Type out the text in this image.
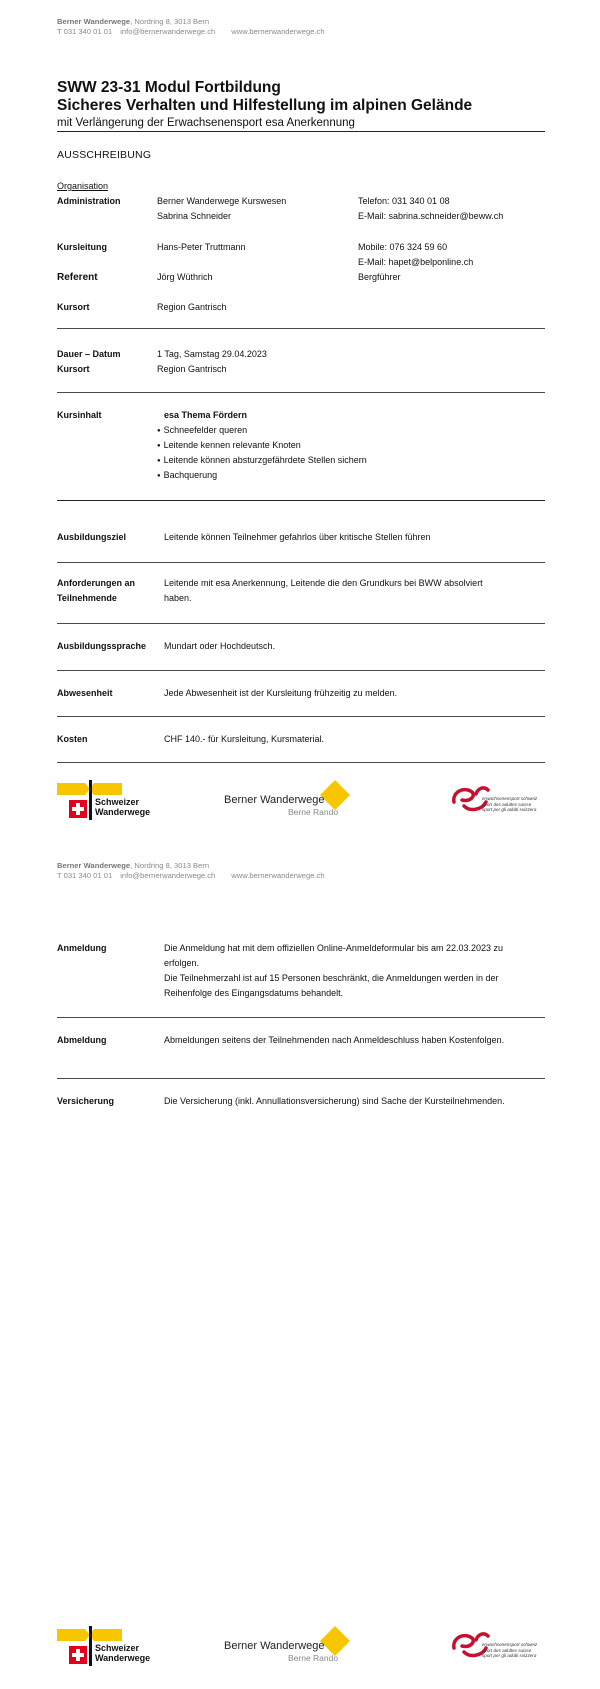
Berner Wanderwege, Nordring 8, 3013 Bern
T 031 340 01 01 info@bernerwanderwege.ch www.bernerwanderwege.ch
SWW 23-31 Modul Fortbildung
Sicheres Verhalten und Hilfestellung im alpinen Gelände
mit Verlängerung der Erwachsenensport esa Anerkennung
AUSSCHREIBUNG
Organisation
Administration	Berner Wanderwege Kurswesen
Sabrina Schneider
Telefon: 031 340 01 08
E-Mail: sabrina.schneider@beww.ch
Kursleitung	Hans-Peter Truttmann	Mobile: 076 324 59 60
E-Mail: hapet@belponline.ch
Referent	Jörg Wüthrich	Bergführer
Kursort	Region Gantrisch
Dauer – Datum	1 Tag, Samstag 29.04.2023
Kursort	Region Gantrisch
Kursinhalt	esa Thema Fördern
● Schneefelder queren
● Leitende kennen relevante Knoten
● Leitende können absturzgefährdete Stellen sichern
● Bachquerung
Ausbildungsziel	Leitende können Teilnehmer gefahrlos über kritische Stellen führen
Anforderungen an Teilnehmende
Leitende mit esa Anerkennung, Leitende die den Grundkurs bei BWW absolviert haben.
Ausbildungssprache Mundart oder Hochdeutsch.
Abwesenheit	Jede Abwesenheit ist der Kursleitung frühzeitig zu melden.
Kosten	CHF 140.- für Kursleitung, Kursmaterial.
Schweizer
Wanderwege
Berner Wanderwege
Berne Rando
erwachsenensport schweiz
sport des adultes suisse
sport per gli adulti svizzera
Berner Wanderwege, Nordring 8, 3013 Bern
T 031 340 01 01 info@bernerwanderwege.ch www.bernerwanderwege.ch
Anmeldung	Die Anmeldung hat mit dem offiziellen Online-Anmeldeformular bis am 22.03.2023 zu erfolgen.
Die Teilnehmerzahl ist auf 15 Personen beschränkt, die Anmeldungen werden in der Reihenfolge des Eingangsdatums behandelt.
Abmeldung	Abmeldungen seitens der Teilnehmenden nach Anmeldeschluss haben Kostenfolgen.
Versicherung	Die Versicherung (inkl. Annullationsversicherung) sind Sache der Kursteilnehmenden.
Schweizer
Wanderwege
Berner Wanderwege
Berne Rando
erwachsenensport schweiz
sport des adultes suisse
sport per gli adulti svizzera
